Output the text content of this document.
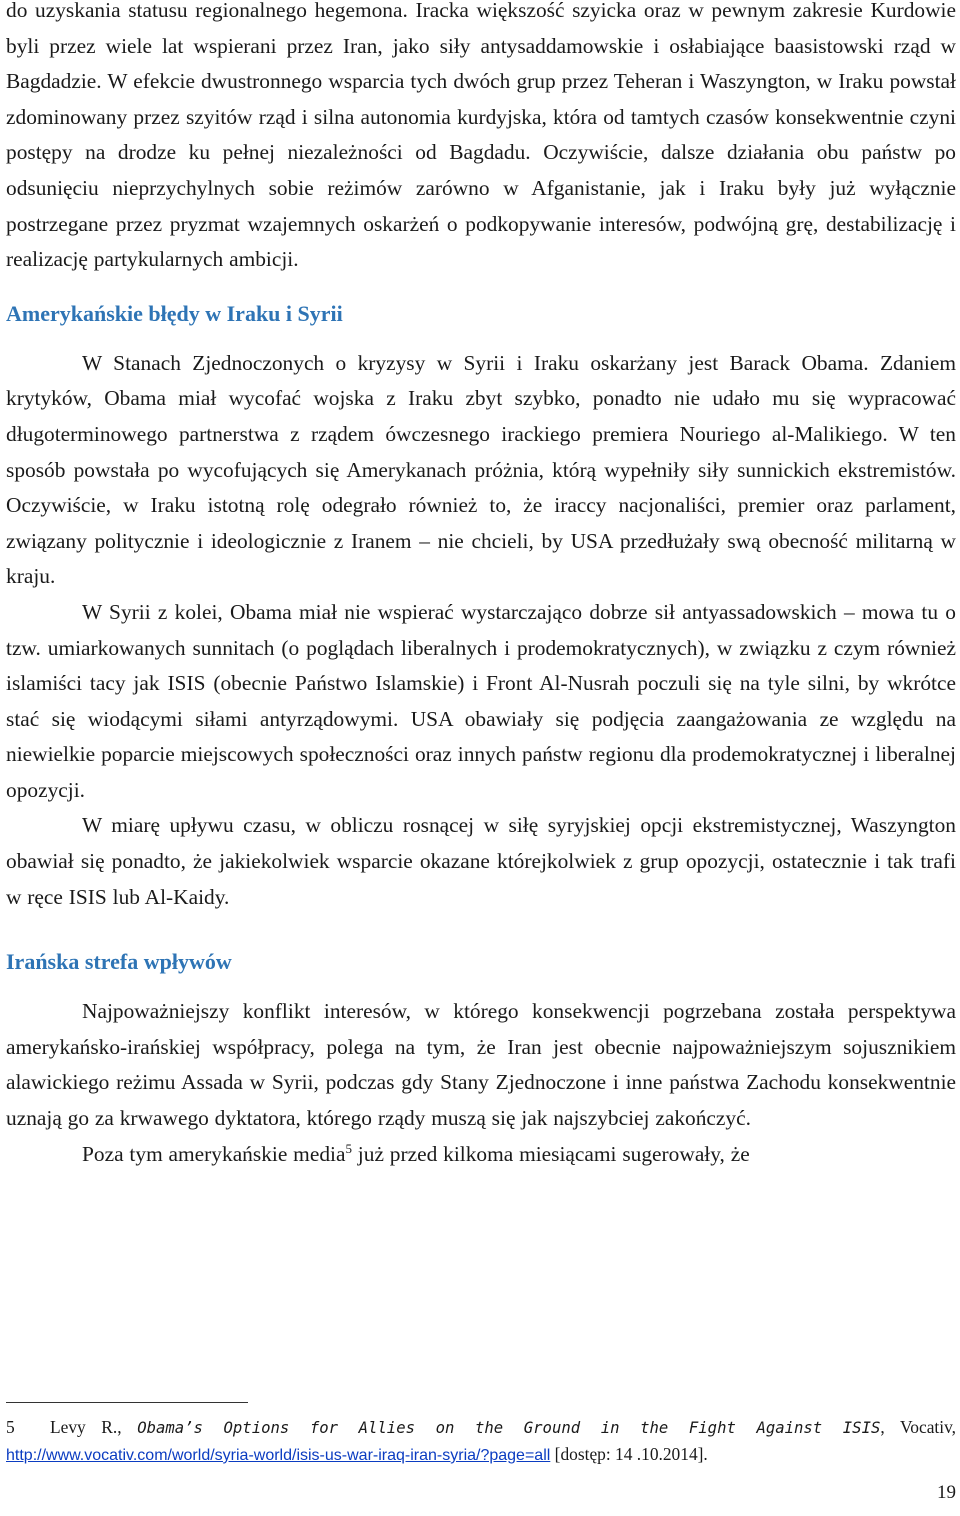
do uzyskania statusu regionalnego hegemona. Iracka większość szyicka oraz w pewnym zakresie Kurdowie byli przez wiele lat wspierani przez Iran, jako siły antysaddamowskie i osłabiające baasistowski rząd w Bagdadzie. W efekcie dwustronnego wsparcia tych dwóch grup przez Teheran i Waszyngton, w Iraku powstał zdominowany przez szyitów rząd i silna autonomia kurdyjska, która od tamtych czasów konsekwentnie czyni postępy na drodze ku pełnej niezależności od Bagdadu. Oczywiście, dalsze działania obu państw po odsunięciu nieprzychylnych sobie reżimów zarówno w Afganistanie, jak i Iraku były już wyłącznie postrzegane przez pryzmat wzajemnych oskarżeń o podkopywanie interesów, podwójną grę, destabilizację i realizację partykularnych ambicji.

Amerykańskie błędy w Iraku i Syrii

W Stanach Zjednoczonych o kryzysy w Syrii i Iraku oskarżany jest Barack Obama. Zdaniem krytyków, Obama miał wycofać wojska z Iraku zbyt szybko, ponadto nie udało mu się wypracować długoterminowego partnerstwa z rządem ówczesnego irackiego premiera Nouriego al-Malikiego. W ten sposób powstała po wycofujących się Amerykanach próżnia, którą wypełniły siły sunnickich ekstremistów. Oczywiście, w Iraku istotną rolę odegrało również to, że iraccy nacjonaliści, premier oraz parlament, związany politycznie i ideologicznie z Iranem – nie chcieli, by USA przedłużały swą obecność militarną w kraju.

W Syrii z kolei, Obama miał nie wspierać wystarczająco dobrze sił antyassadowskich – mowa tu o tzw. umiarkowanych sunnitach (o poglądach liberalnych i prodemokratycznych), w związku z czym również islamiści tacy jak ISIS (obecnie Państwo Islamskie) i Front Al-Nusrah poczuli się na tyle silni, by wkrótce stać się wiodącymi siłami antyrządowymi. USA obawiały się podjęcia zaangażowania ze względu na niewielkie poparcie miejscowych społeczności oraz innych państw regionu dla prodemokratycznej i liberalnej opozycji.

W miarę upływu czasu, w obliczu rosnącej w siłę syryjskiej opcji ekstremistycznej, Waszyngton obawiał się ponadto, że jakiekolwiek wsparcie okazane którejkolwiek z grup opozycji, ostatecznie i tak trafi w ręce ISIS lub Al-Kaidy.

Irańska strefa wpływów

Najpoważniejszy konflikt interesów, w którego konsekwencji pogrzebana została perspektywa amerykańsko-irańskiej współpracy, polega na tym, że Iran jest obecnie najpoważniejszym sojusznikiem alawickiego reżimu Assada w Syrii, podczas gdy Stany Zjednoczone i inne państwa Zachodu konsekwentnie uznają go za krwawego dyktatora, którego rządy muszą się jak najszybciej zakończyć.

Poza tym amerykańskie media$^5$ już przed kilkoma miesiącami sugerowały, że

5 Levy R., Obama’s Options for Allies on the Ground in the Fight Against ISIS, Vocativ, http://www.vocativ.com/world/syria-world/isis-us-war-iraq-iran-syria/?page=all [dostęp: 14 .10.2014].
19
